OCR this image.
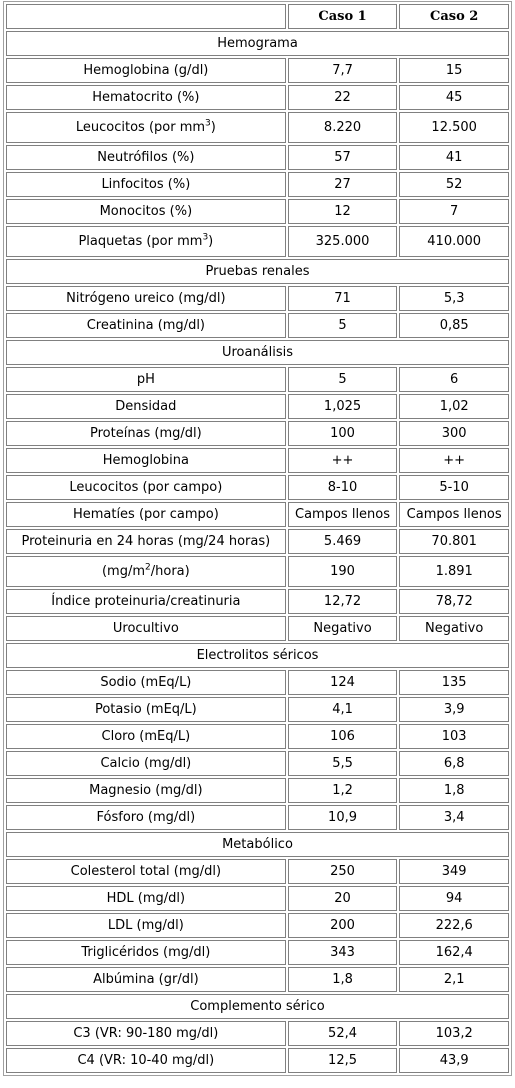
	Caso 1	Caso 2
Hemograma		
Hemoglobina (g/dl)	7,7	15
Hematocrito (%)	22	45
Leucocitos (por $mm^3$)	8.220	12.500
Neutrófilos (%)	57	41
Linfocitos (%)	27	52
Monocitos (%)	12	7
Plaquetas (por $mm^3$)	325.000	410.000
Pruebas renales		
Nitrógeno ureico (mg/dl)	71	5,3
Creatinina (mg/dl)	5	0,85
Uroanálisis		
pH	5	6
Densidad	1,025	1,02
Proteínas (mg/dl)	100	300
Hemoglobina	++	++
Leucocitos (por campo)	8-10	5-10
Hematíes (por campo)	Campos llenos	Campos llenos
Proteinuria en 24 horas (mg/24 horas)	5.469	70.801
$(mg/m^2/hora)$	190	1.891
Índice proteinuria/creatinuria	12,72	78,72
Urocultivo	Negativo	Negativo
Electrolitos séricos		
Sodio (mEq/L)	124	135
Potasio (mEq/L)	4,1	3,9
Cloro (mEq/L)	106	103
Calcio (mg/dl)	5,5	6,8
Magnesio (mg/dl)	1,2	1,8
Fósforo (mg/dl)	10,9	3,4
Metabólico		
Colesterol total (mg/dl)	250	349
HDL (mg/dl)	20	94
LDL (mg/dl)	200	222,6
Triglicéridos (mg/dl)	343	162,4
Albúmina (gr/dl)	1,8	2,1
Complemento sérico		
C3 (VR: 90-180 mg/dl)	52,4	103,2
C4 (VR: 10-40 mg/dl)	12,5	43,9
